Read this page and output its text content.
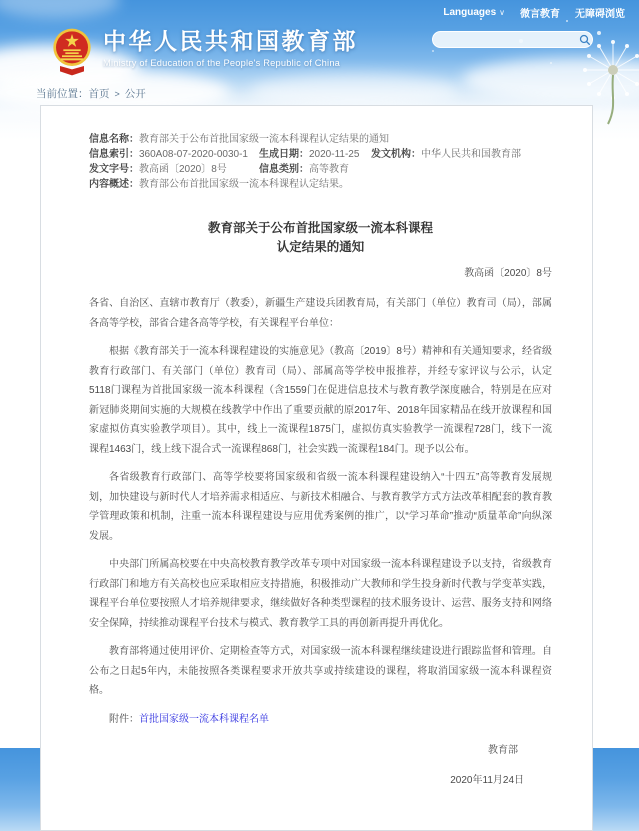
Languages ∨ 微言教育 无障碍浏览
中华人民共和国教育部
Ministry of Education of the People's Republic of China
当前位置：首页 > 公开
信息名称： 教育部关于公布首批国家级一流本科课程认定结果的通知
信息索引：360A08-07-2020-0030-1	生成日期：2020-11-25	发文机构：中华人民共和国教育部
发文字号：教高函〔2020〕8号	信息类别：高等教育
内容概述： 教育部公布首批国家级一流本科课程认定结果。
教育部关于公布首批国家级一流本科课程
认定结果的通知
教高函〔2020〕8号

各省、自治区、直辖市教育厅（教委），新疆生产建设兵团教育局，有关部门（单位）教育司（局），部属各高等学校，部省合建各高等学校，有关课程平台单位：

根据《教育部关于一流本科课程建设的实施意见》（教高〔2019〕8号）精神和有关通知要求，经省级教育行政部门、有关部门（单位）教育司（局）、部属高等学校申报推荐，并经专家评议与公示，认定5118门课程为首批国家级一流本科课程（含1559门在促进信息技术与教育教学深度融合，特别是在应对新冠肺炎期间实施的大规模在线教学中作出了重要贡献的原2017年、2018年国家精品在线开放课程和国家虚拟仿真实验教学项目）。其中，线上一流课程1875门，虚拟仿真实验教学一流课程728门，线下一流课程1463门，线上线下混合式一流课程868门，社会实践一流课程184门。现予以公布。

各省级教育行政部门、高等学校要将国家级和省级一流本科课程建设纳入“十四五”高等教育发展规划，加快建设与新时代人才培养需求相适应、与新技术相融合、与教育教学方式方法改革相配套的教育教学管理政策和机制，注重一流本科课程建设与应用优秀案例的推广，以“学习革命”推动“质量革命”向纵深发展。

中央部门所属高校要在中央高校教育教学改革专项中对国家级一流本科课程建设予以支持，省级教育行政部门和地方有关高校也应采取相应支持措施，积极推动广大教师和学生投身新时代教与学变革实践，课程平台单位要按照人才培养规律要求，继续做好各种类型课程的技术服务设计、运营、服务支持和网络安全保障，持续推动课程平台技术与模式、教育教学工具的再创新再提升再优化。

教育部将通过使用评价、定期检查等方式，对国家级一流本科课程继续建设进行跟踪监督和管理。自公布之日起5年内，未能按照各类课程要求开放共享或持续建设的课程，将取消国家级一流本科课程资格。

附件：首批国家级一流本科课程名单

教育部
2020年11月24日
